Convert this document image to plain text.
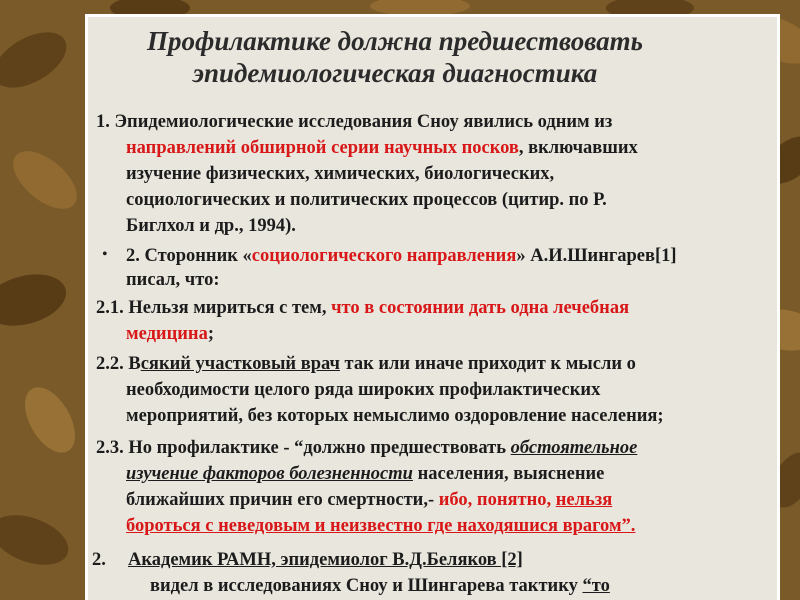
Профилактике должна предшествовать
эпидемиологическая диагностика
1. Эпидемиологические исследования Сноу явились одним из
направлений обширной серии научных посков, включавших
изучение физических, химических, биологических,
социологических и политических процессов (цитир. по Р.
Биглхол и др., 1994).
• 2. Сторонник «социологического направления» А.И.Шингарев[1]
писал, что:
2.1. Нельзя мириться с тем, что в состоянии дать одна лечебная
медицина;
2.2. Всякий участковый врач так или иначе приходит к мысли о
необходимости целого ряда широких профилактических
мероприятий, без которых немыслимо оздоровление населения;
2.3. Но профилактике - “должно предшествовать обстоятельное
изучение факторов болезненности населения, выяснение
ближайших причин его смертности,- ибо, понятно, нельзя
бороться с неведовым и неизвестно где находяшися врагом”.
2. Академик РАМН, эпидемиолог В.Д.Беляков [2]
видел в исследованиях Сноу и Шингарева тактику “то
